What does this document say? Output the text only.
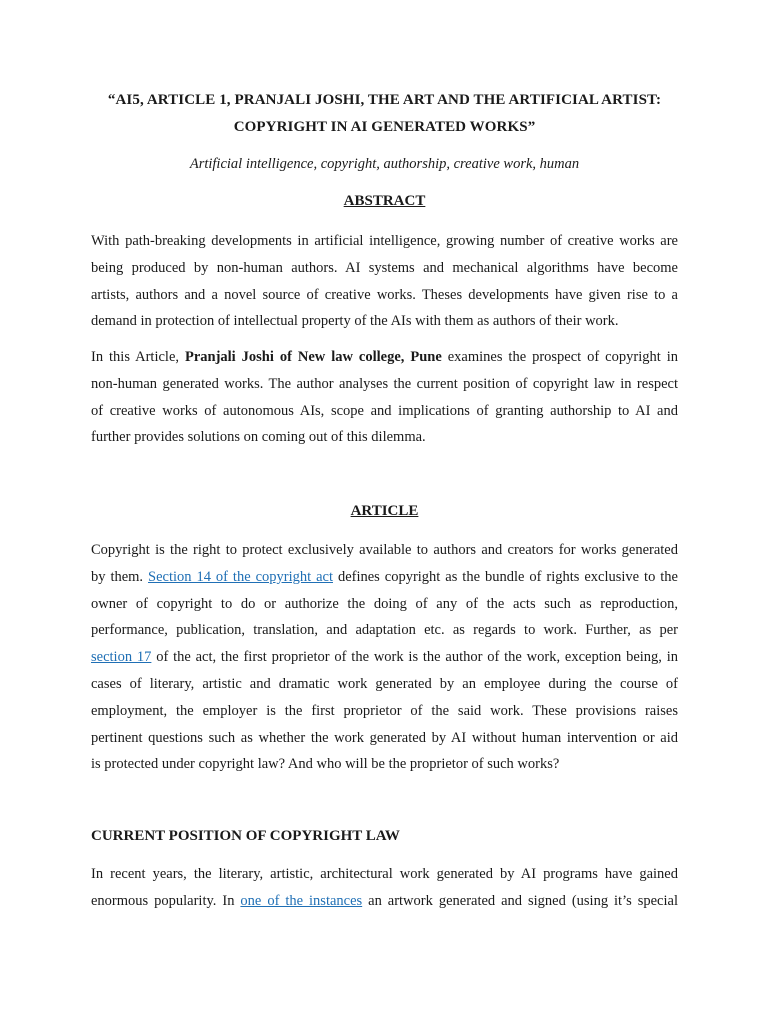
“AI5, ARTICLE 1, PRANJALI JOSHI, THE ART AND THE ARTIFICIAL ARTIST:
COPYRIGHT IN AI GENERATED WORKS”
Artificial intelligence, copyright, authorship, creative work, human
ABSTRACT
With path-breaking developments in artificial intelligence, growing number of creative works are
being produced by non-human authors. AI systems and mechanical algorithms have become
artists, authors and a novel source of creative works. Theses developments have given rise to a
demand in protection of intellectual property of the AIs with them as authors of their work.
In this Article, Pranjali Joshi of New law college, Pune examines the prospect of copyright in
non-human generated works. The author analyses the current position of copyright law in respect
of creative works of autonomous AIs, scope and implications of granting authorship to AI and
further provides solutions on coming out of this dilemma.
ARTICLE
Copyright is the right to protect exclusively available to authors and creators for works generated
by them. Section 14 of the copyright act defines copyright as the bundle of rights exclusive to the
owner of copyright to do or authorize the doing of any of the acts such as reproduction,
performance, publication, translation, and adaptation etc. as regards to work. Further, as per
section 17 of the act, the first proprietor of the work is the author of the work, exception being, in
cases of literary, artistic and dramatic work generated by an employee during the course of
employment, the employer is the first proprietor of the said work. These provisions raises
pertinent questions such as whether the work generated by AI without human intervention or aid
is protected under copyright law? And who will be the proprietor of such works?
CURRENT POSITION OF COPYRIGHT LAW
In recent years, the literary, artistic, architectural work generated by AI programs have gained
enormous popularity. In one of the instances an artwork generated and signed (using it’s special
